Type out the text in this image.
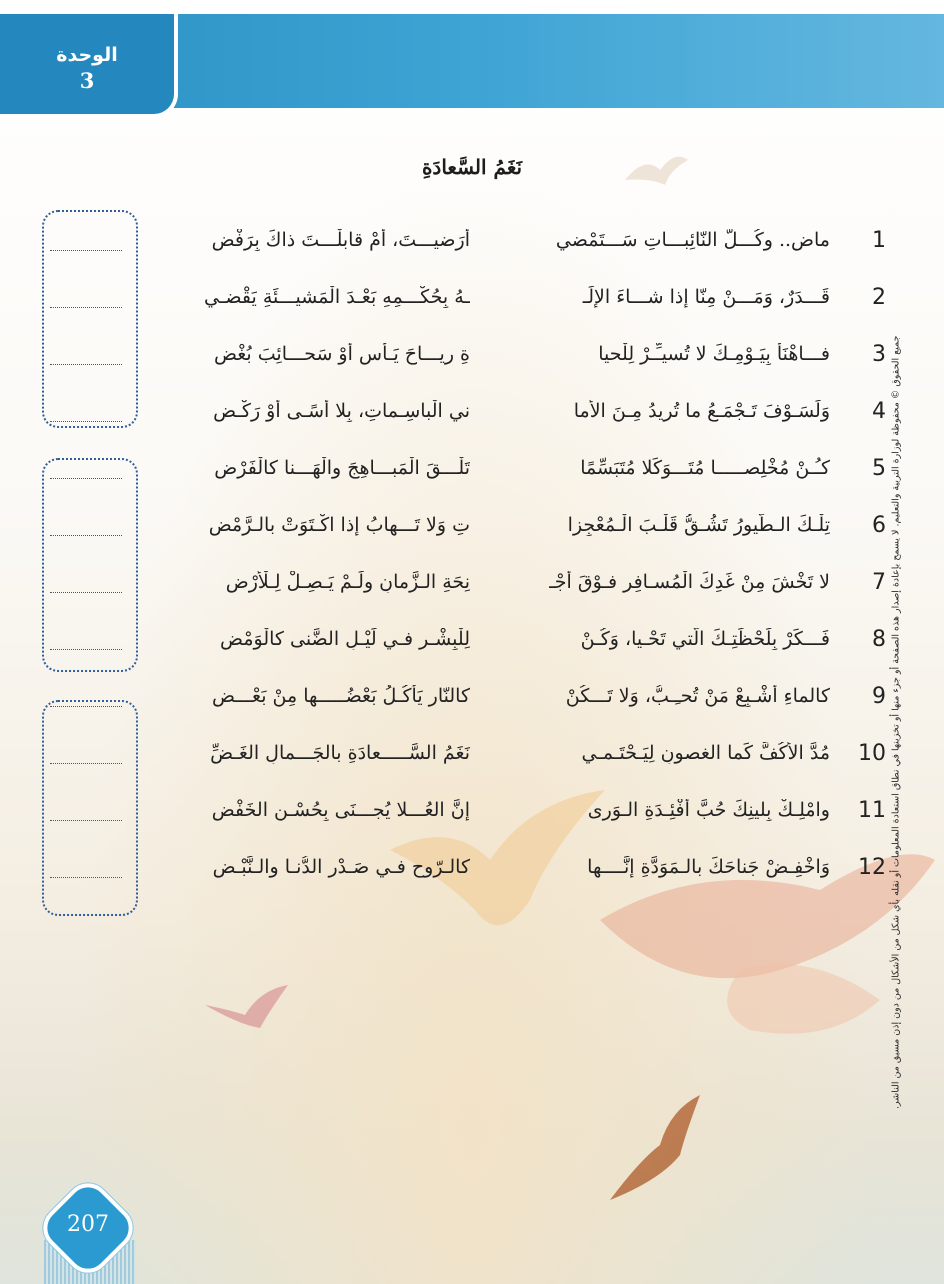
الوحدة
3
نَغَمُ السَّعادَةِ
1
ماضٍ.. وكُـــلُّ النّائِبـــاتِ سَـــتَمْضي
أَرَضيـــتَ، أَمْ قابلْـــتَ ذاكَ بِرَفْضِ
2
قَـــدَرٌ، وَمَـــنْ مِنّا إذا شـــاءَ الإلَـ
ـهُ بِحُكْـــمِهِ بَعْـدَ الْمَشيـــئَةِ يَقْضـي
3
فـــاهْنَأْ بِيَـوْمِـكَ لا تُسيـِّـرْ لِلْحيا
ةِ رِيـــاحَ يَـأْسٍ أَوْ سَحـــائِبَ بُغْضِ
4
وَلَسَـوْفَ تَـجْمَـعُ ما تُريدُ مِـنَ الأما
ني الْباسِـماتِ، بِلا أَسًـى أَوْ رَكْـضِ
5
كـُـنْ مُخْلِصـــــا مُتَـــوَكِّلا مُتَبَسِّمًا
تَلْـــقَ الْمَبـــاهِجَ والْهَـــنا كالْفَرْضِ
6
تِلْـكَ الـطُّيورُ تَشُـقُّ قَلْـبَ الْـمُعْجِزا
تِ وَلا تَـــهابُ إذا اكْـتَوَتْ بالـرَّمْضِ
7
لا تَخْشَ مِنْ غَدِكَ الْمُسـافِرِ فـوْقَ أجْـ
نِحَةِ الـزَّمانِ ولَـمْ يَـصِـلْ لِـلْأَرْضِ
8
فَـــكِّرْ بِلَحْظَتِـكَ الَّتي تَحْـيا، وَكُـنْ
لِلْبِشْـرِ فـي لَيْـلِ الضَّنى كالْوَمْضِ
9
كالماءِ أَشْـبِعْ مَنْ تُحـِـبُّ، وَلا تَـــكُنْ
كالنّارِ يَأْكُـلُ بَعْضُـــــها مِنْ بَعْـــضِ
10
مُدَّ الأَكُفَّ كَما الغصونِ لِيَـحْتَـمـي
نَغَمُ السَّـــــعادَةِ بالجَـــمالِ الغَـضِّ
11
وامْلِـكْ بِلينِكَ حُبَّ أَفْئِـدَةِ الـوَرى
إنَّ العُـــلا يُجـــنَى بِحُسْـنِ الخَفْضِ
12
وَاخْفِـضْ جَناحَكَ بالـمَوَدَّةِ إنَّــــها
كالـرّوحِ فـي صَـدْرِ الدُّنـا والـنَّبْـضِ	جميع الحقوق © محفوظة لوزارة التربية والتعليم. لا يسمح بإعادة إصدار هذه الصفحة أو جزء منها أو تخزينها في نطاق استعادة المعلومات أو نقله بأي شكل من الأشكال من دون إذن مسبق من الناشر.
207
